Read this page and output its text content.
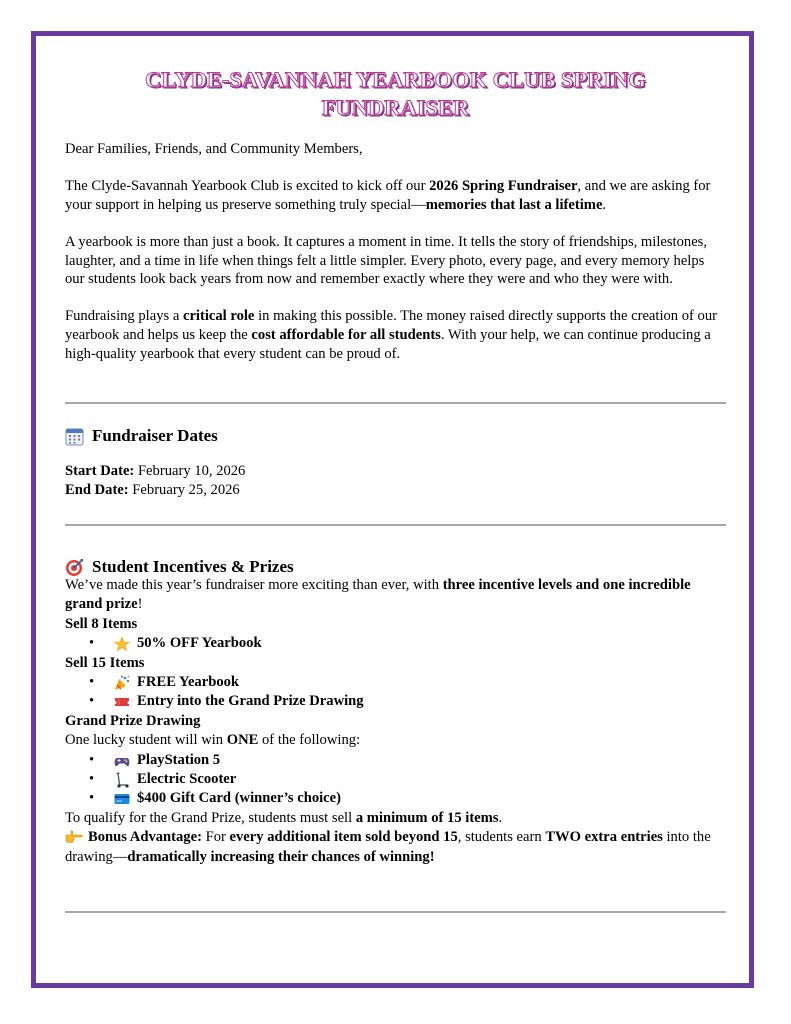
CLYDE-SAVANNAH YEARBOOK CLUB SPRING
FUNDRAISER

Dear Families, Friends, and Community Members,

The Clyde-Savannah Yearbook Club is excited to kick off our 2026 Spring Fundraiser, and we are asking for your support in helping us preserve something truly special—memories that last a lifetime.

A yearbook is more than just a book. It captures a moment in time. It tells the story of friendships, milestones, laughter, and a time in life when things felt a little simpler. Every photo, every page, and every memory helps our students look back years from now and remember exactly where they were and who they were with.

Fundraising plays a critical role in making this possible. The money raised directly supports the creation of our yearbook and helps us keep the cost affordable for all students. With your help, we can continue producing a high-quality yearbook that every student can be proud of.

Fundraiser Dates
Start Date: February 10, 2026
End Date: February 25, 2026
Student Incentives & Prizes

We’ve made this year’s fundraiser more exciting than ever, with three incentive levels and one incredible grand prize!

Sell 8 Items

• 50% OFF Yearbook

Sell 15 Items

• FREE Yearbook
• Entry into the Grand Prize Drawing

Grand Prize Drawing

One lucky student will win ONE of the following:

• PlayStation 5
• Electric Scooter
• $400 Gift Card (winner’s choice)

To qualify for the Grand Prize, students must sell a minimum of 15 items.

Bonus Advantage: For every additional item sold beyond 15, students earn TWO extra entries into the drawing—dramatically increasing their chances of winning!
